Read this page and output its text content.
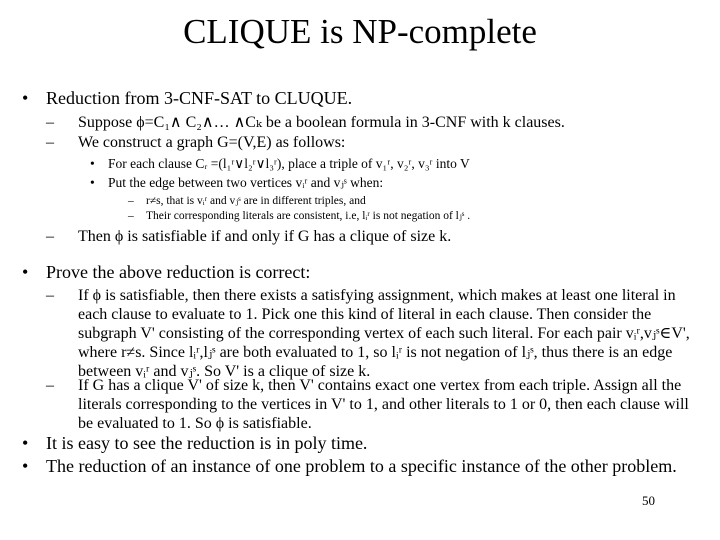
CLIQUE is NP-complete
• Reduction from 3-CNF-SAT to CLUQUE.
– Suppose ϕ=C₁∧ C₂∧… ∧Cₖ be a boolean formula in 3-CNF with k clauses.
– We construct a graph G=(V,E) as follows:
• For each clause Cᵣ =(l₁ʳ∨l₂ʳ∨l₃ʳ), place a triple of v₁ʳ, v₂ʳ, v₃ʳ into V
• Put the edge between two vertices vᵢʳ and vⱼˢ when:
– r≠s, that is vᵢʳ and vⱼˢ are in different triples, and
– Their corresponding literals are consistent, i.e, lᵢʳ is not negation of lⱼˢ .
– Then ϕ is satisfiable if and only if G has a clique of size k.
• Prove the above reduction is correct:
– If ϕ is satisfiable, then there exists a satisfying assignment, which makes at least one literal in each clause to evaluate to 1. Pick one this kind of literal in each clause. Then consider the subgraph V' consisting of the corresponding vertex of each such literal. For each pair vᵢʳ,vⱼˢ∈V', where r≠s. Since lᵢʳ,lⱼˢ are both evaluated to 1, so lᵢʳ is not negation of lⱼˢ, thus there is an edge between vᵢʳ and vⱼˢ. So V' is a clique of size k.
– If G has a clique V' of size k, then V' contains exact one vertex from each triple. Assign all the literals corresponding to the vertices in V' to 1, and other literals to 1 or 0, then each clause will be evaluated to 1. So ϕ is satisfiable.
• It is easy to see the reduction is in poly time.
• The reduction of an instance of one problem to a specific instance of the other problem.
50
